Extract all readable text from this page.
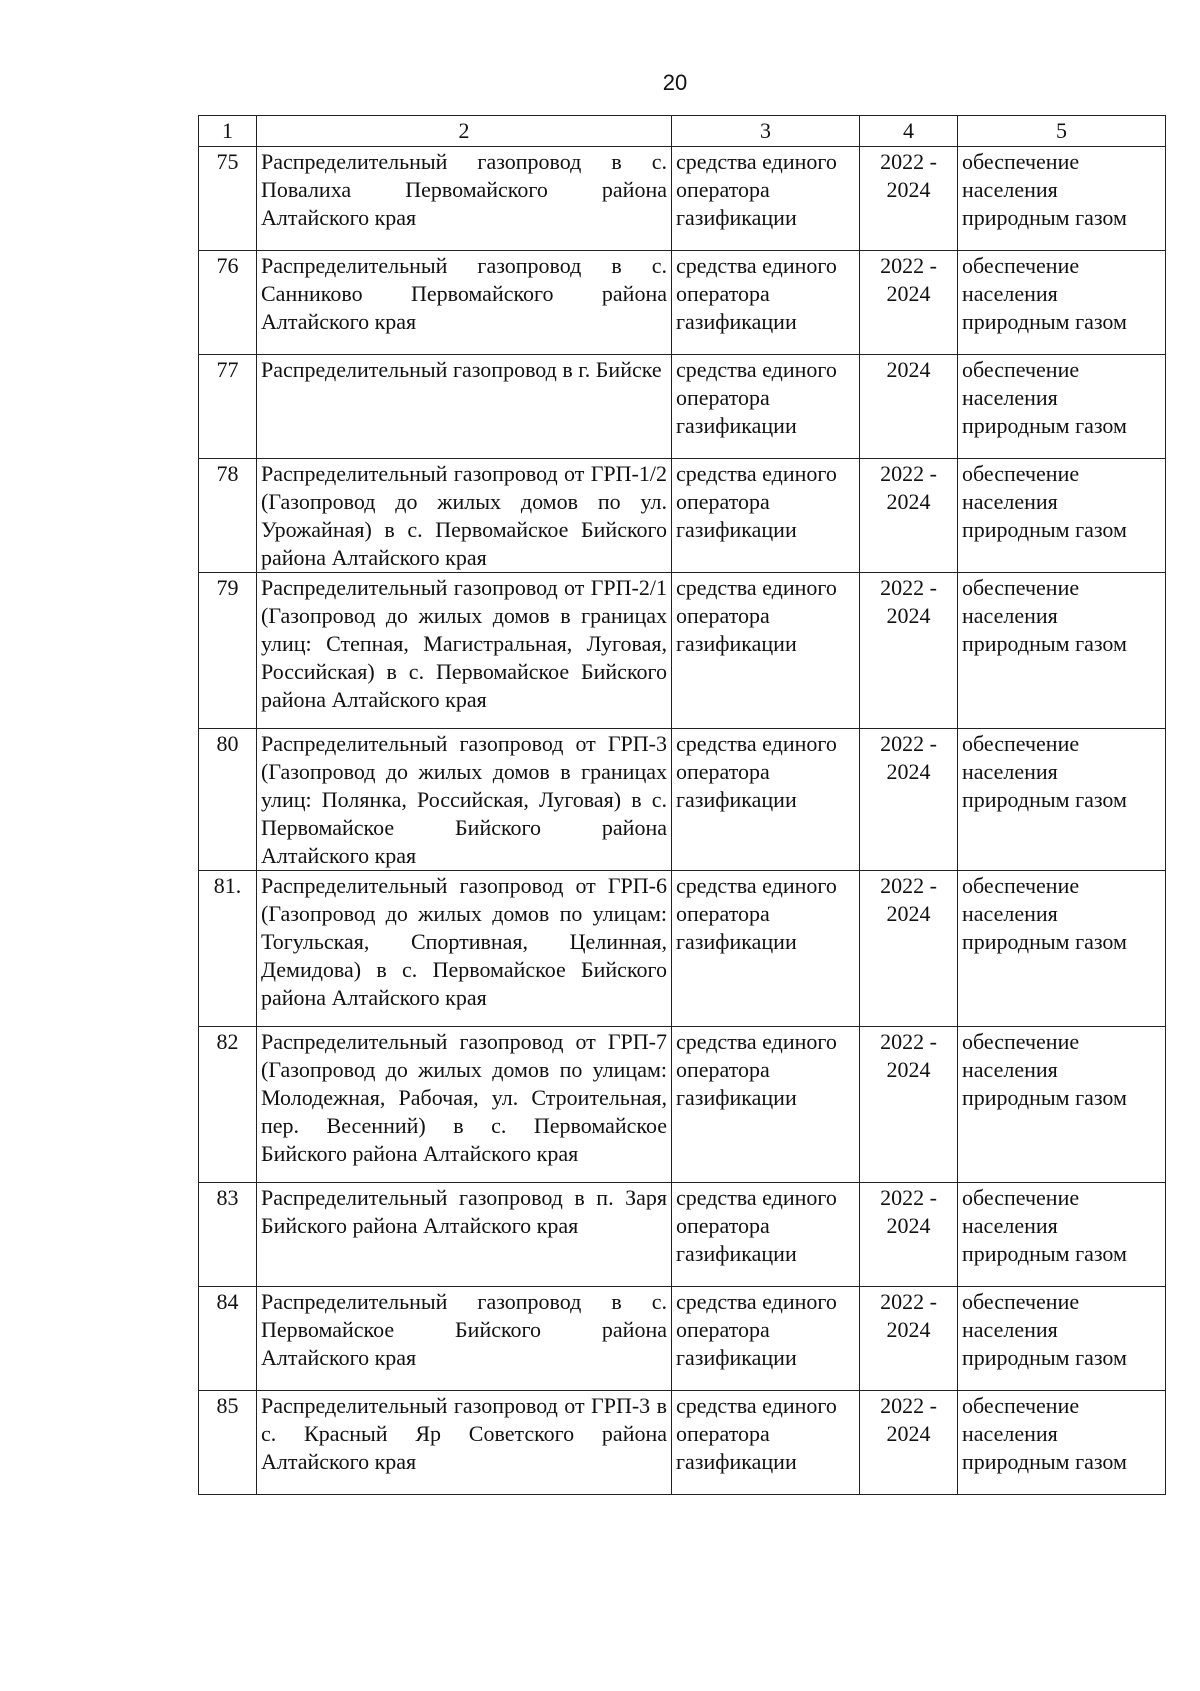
20
1	2	3	4	5
75	Распределительный газопровод в с. Повалиха Первомайского района Алтайского края	средства единого оператора газификации	2022 - 2024	обеспечение населения природным газом
76	Распределительный газопровод в с. Санниково Первомайского района Алтайского края	средства единого оператора газификации	2022 - 2024	обеспечение населения природным газом
77	Распределительный газопровод в г. Бийске	средства единого оператора газификации	2024	обеспечение населения природным газом
78	Распределительный газопровод от ГРП-1/2 (Газопровод до жилых домов по ул. Урожайная) в с. Первомайское Бийского района Алтайского края	средства единого оператора газификации	2022 - 2024	обеспечение населения природным газом
79	Распределительный газопровод от ГРП-2/1 (Газопровод до жилых домов в границах улиц: Степная, Магистральная, Луговая, Российская) в с. Первомайское Бийского района Алтайского края	средства единого оператора газификации	2022 - 2024	обеспечение населения природным газом
80	Распределительный газопровод от ГРП-3 (Газопровод до жилых домов в границах улиц: Полянка, Российская, Луговая) в с. Первомайское Бийского района Алтайского края	средства единого оператора газификации	2022 - 2024	обеспечение населения природным газом
81.	Распределительный газопровод от ГРП-6 (Газопровод до жилых домов по улицам: Тогульская, Спортивная, Целинная, Демидова) в с. Первомайское Бийского района Алтайского края	средства единого оператора газификации	2022 - 2024	обеспечение населения природным газом
82	Распределительный газопровод от ГРП-7 (Газопровод до жилых домов по улицам: Молодежная, Рабочая, ул. Строительная, пер. Весенний) в с. Первомайское Бийского района Алтайского края	средства единого оператора газификации	2022 - 2024	обеспечение населения природным газом
83	Распределительный газопровод в п. Заря Бийского района Алтайского края	средства единого оператора газификации	2022 - 2024	обеспечение населения природным газом
84	Распределительный газопровод в с. Первомайское Бийского района Алтайского края	средства единого оператора газификации	2022 - 2024	обеспечение населения природным газом
85	Распределительный газопровод от ГРП-3 в с. Красный Яр Советского района Алтайского края	средства единого оператора газификации	2022 - 2024	обеспечение населения природным газом
